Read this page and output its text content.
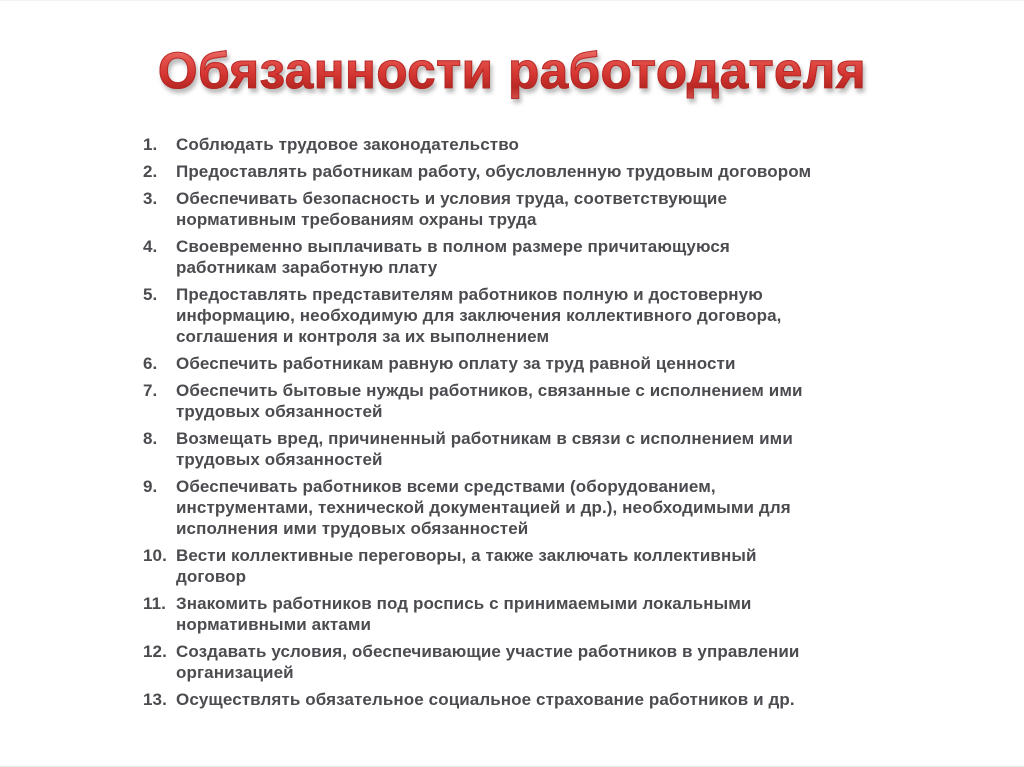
Обязанности работодателя
1.	Соблюдать трудовое законодательство
2.	Предоставлять работникам работу, обусловленную трудовым договором
3.	Обеспечивать безопасность и условия труда, соответствующие нормативным требованиям охраны труда
4.	Своевременно выплачивать в полном размере причитающуюся работникам заработную плату
5.	Предоставлять представителям работников полную и достоверную информацию, необходимую для заключения коллективного договора, соглашения и контроля за их выполнением
6.	Обеспечить работникам равную оплату за труд равной ценности
7.	Обеспечить бытовые нужды работников, связанные с исполнением ими трудовых обязанностей
8.	Возмещать вред, причиненный работникам в связи с исполнением ими трудовых обязанностей
9.	Обеспечивать работников всеми средствами (оборудованием, инструментами, технической документацией и др.), необходимыми для исполнения ими трудовых обязанностей
10. Вести коллективные переговоры, а также заключать коллективный договор
11. Знакомить работников под роспись с принимаемыми локальными нормативными актами
12. Создавать условия, обеспечивающие участие работников в управлении организацией
13. Осуществлять обязательное социальное страхование работников и др.
